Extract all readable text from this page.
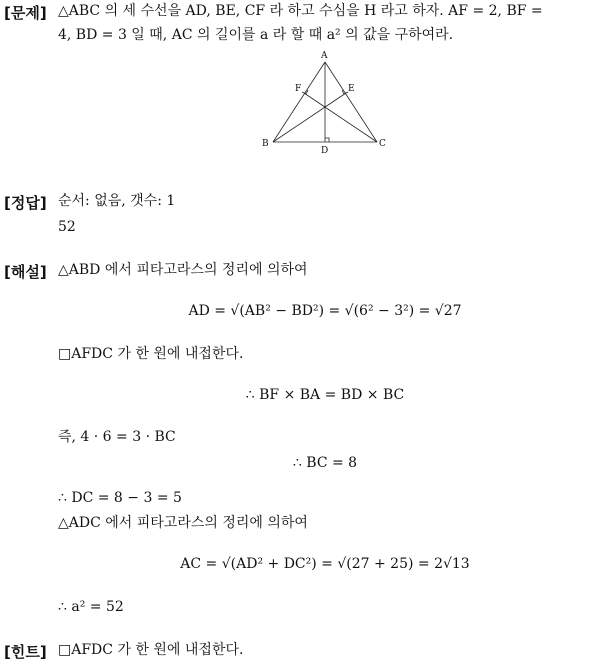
[문제] △ABC 의 세 수선을 AD, BE, CF 라 하고 수심을 H 라고 하자. AF = 2, BF =
4, BD = 3 일 때, AC 의 길이를 a 라 할 때 a² 의 값을 구하여라.
A
B	C
D
E
F
[정답] 순서: 없음, 갯수: 1
52
[해설] △ABD 에서 피타고라스의 정리에 의하여
AD = √(AB² − BD²) = √(6² − 3²) = √27
□AFDC 가 한 원에 내접한다.
∴ BF × BA = BD × BC
즉, 4 · 6 = 3 · BC
∴ BC = 8
∴ DC = 8 − 3 = 5
△ADC 에서 피타고라스의 정리에 의하여
AC = √(AD² + DC²) = √(27 + 25) = 2√13
∴ a² = 52
[힌트] □AFDC 가 한 원에 내접한다.
